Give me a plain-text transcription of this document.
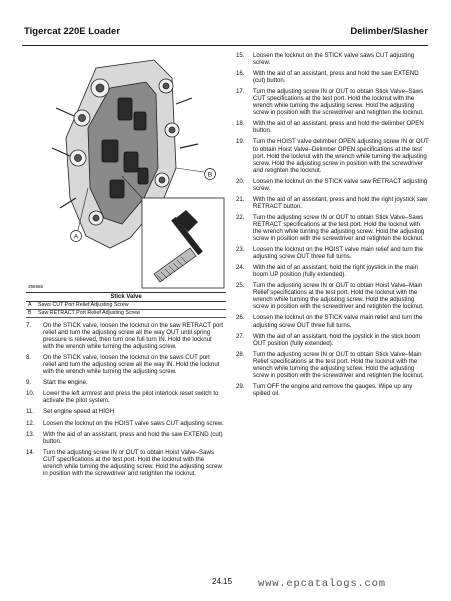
Tigercat 220E Loader	Delimber/Slasher
A
B
396988
Stick Valve
A Saws CUT Port Relief Adjusting Screw
B Saw RETRACT Port Relief Adjusting Screw
7. On the STICK valve, loosen the locknut on the saw RETRACT port relief and turn the adjusting screw all the way OUT until spring pressure is relieved, then turn one full turn IN. Hold the locknut with the wrench while turning the adjusting screw.
8. On the STICK valve, loosen the locknut on the saws CUT port relief and turn the adjusting screw all the way IN. Hold the locknut with the wrench while turning the adjusting screw.
9. Start the engine.
10. Lower the left armrest and press the pilot interlock reset switch to activate the pilot system.
11. Set engine speed at HIGH
12. Loosen the locknut on the HOIST valve saws CUT adjusting screw.
13. With the aid of an assistant, press and hold the saw EXTEND (cut) button.
14. Turn the adjusting screw IN or OUT to obtain Hoist Valve–Saws CUT specifications at the test port. Hold the locknut with the wrench while turning the adjusting screw. Hold the adjusting screw in position with the screwdriver and retighten the locknut.
15. Loosen the locknut on the STICK valve saws CUT adjusting screw.
16. With the aid of an assistant, press and hold the saw EXTEND (cut) button.
17. Turn the adjusting screw IN or OUT to obtain Stick Valve–Saws CUT specifications at the test port. Hold the locknut with the wrench while turning the adjusting screw. Hold the adjusting screw in position with the screwdriver and retighten the locknut.
18. With the aid of an assistant, press and hold the delimber OPEN button.
19. Turn the HOIST valve delimber OPEN adjusting screw IN or OUT to obtain Hoist Valve–Delimber OPEN specifications at the test port. Hold the locknut with the wrench while turning the adjusting screw. Hold the adjusting screw in position with the screwdriver and retighten the locknut.
20. Loosen the locknut on the STICK valve saw RETRACT adjusting screw.
21. With the aid of an assistant, press and hold the right joystick saw RETRACT button.
22. Turn the adjusting screw IN or OUT to obtain Stick Valve–Saws RETRACT specifications at the test port. Hold the locknut with the wrench while turning the adjusting screw. Hold the adjusting screw in position with the screwdriver and retighten the locknut.
23. Loosen the locknut on the HOIST valve main relief and turn the adjusting screw OUT three full turns.
24. With the aid of an assistant, hold the right joystick in the main boom UP position (fully extended).
25. Turn the adjusting screw IN or OUT to obtain Hoist Valve–Main Relief specifications at the test port. Hold the locknut with the wrench while turning the adjusting screw. Hold the adjusting screw in position with the screwdriver and retighten the locknut.
26. Loosen the locknut on the STICK valve main relief and turn the adjusting screw OUT three full turns.
27. With the aid of an assistant, hold the joystick in the stick boom OUT position (fully extended).
28. Turn the adjusting screw IN or OUT to obtain Stick Valve–Main Relief specifications at the test port. Hold the locknut with the wrench while turning the adjusting screw. Hold the adjusting screw in position with the screwdriver and retighten the locknut.
29. Turn OFF the engine and remove the gauges. Wipe up any spilled oil.
24.15 www.epcatalogs.com
